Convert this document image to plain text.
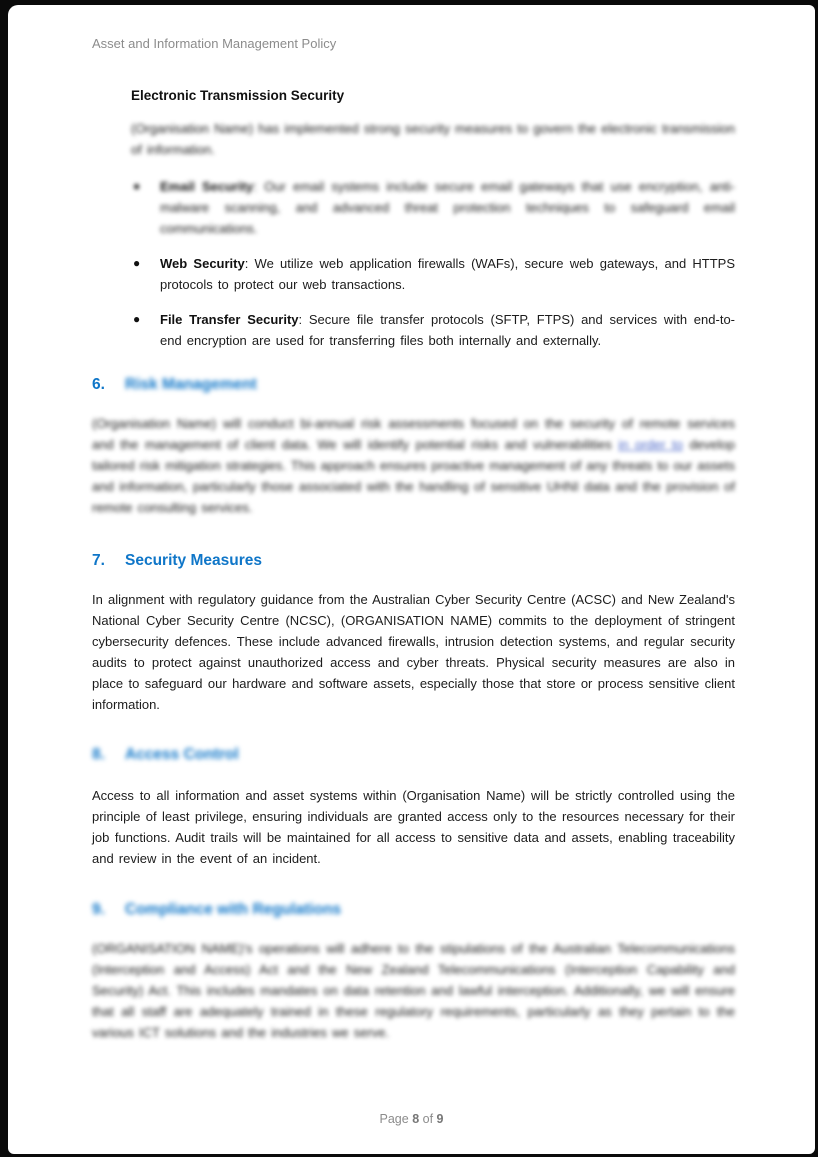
Asset and Information Management Policy
Electronic Transmission Security

(Organisation Name) has implemented strong security measures to govern the electronic transmission of information.

●	Email Security: Our email systems include secure email gateways that use encryption, anti-malware scanning, and advanced threat protection techniques to safeguard email communications.
●	Web Security: We utilize web application firewalls (WAFs), secure web gateways, and HTTPS protocols to protect our web transactions.
●	File Transfer Security: Secure file transfer protocols (SFTP, FTPS) and services with end-to-end encryption are used for transferring files both internally and externally.
6.	Risk Management

(Organisation Name) will conduct bi-annual risk assessments focused on the security of remote services and the management of client data. We will identify potential risks and vulnerabilities in order to develop tailored risk mitigation strategies. This approach ensures proactive management of any threats to our assets and information, particularly those associated with the handling of sensitive UHNI data and the provision of remote consulting services.

7.	Security Measures

In alignment with regulatory guidance from the Australian Cyber Security Centre (ACSC) and New Zealand's National Cyber Security Centre (NCSC), (ORGANISATION NAME) commits to the deployment of stringent cybersecurity defences. These include advanced firewalls, intrusion detection systems, and regular security audits to protect against unauthorized access and cyber threats. Physical security measures are also in place to safeguard our hardware and software assets, especially those that store or process sensitive client information.

8.	Access Control

Access to all information and asset systems within (Organisation Name) will be strictly controlled using the principle of least privilege, ensuring individuals are granted access only to the resources necessary for their job functions. Audit trails will be maintained for all access to sensitive data and assets, enabling traceability and review in the event of an incident.

9.	Compliance with Regulations

(ORGANISATION NAME)'s operations will adhere to the stipulations of the Australian Telecommunications (Interception and Access) Act and the New Zealand Telecommunications (Interception Capability and Security) Act. This includes mandates on data retention and lawful interception. Additionally, we will ensure that all staff are adequately trained in these regulatory requirements, particularly as they pertain to the various ICT solutions and the industries we serve.

Page 8 of 9
